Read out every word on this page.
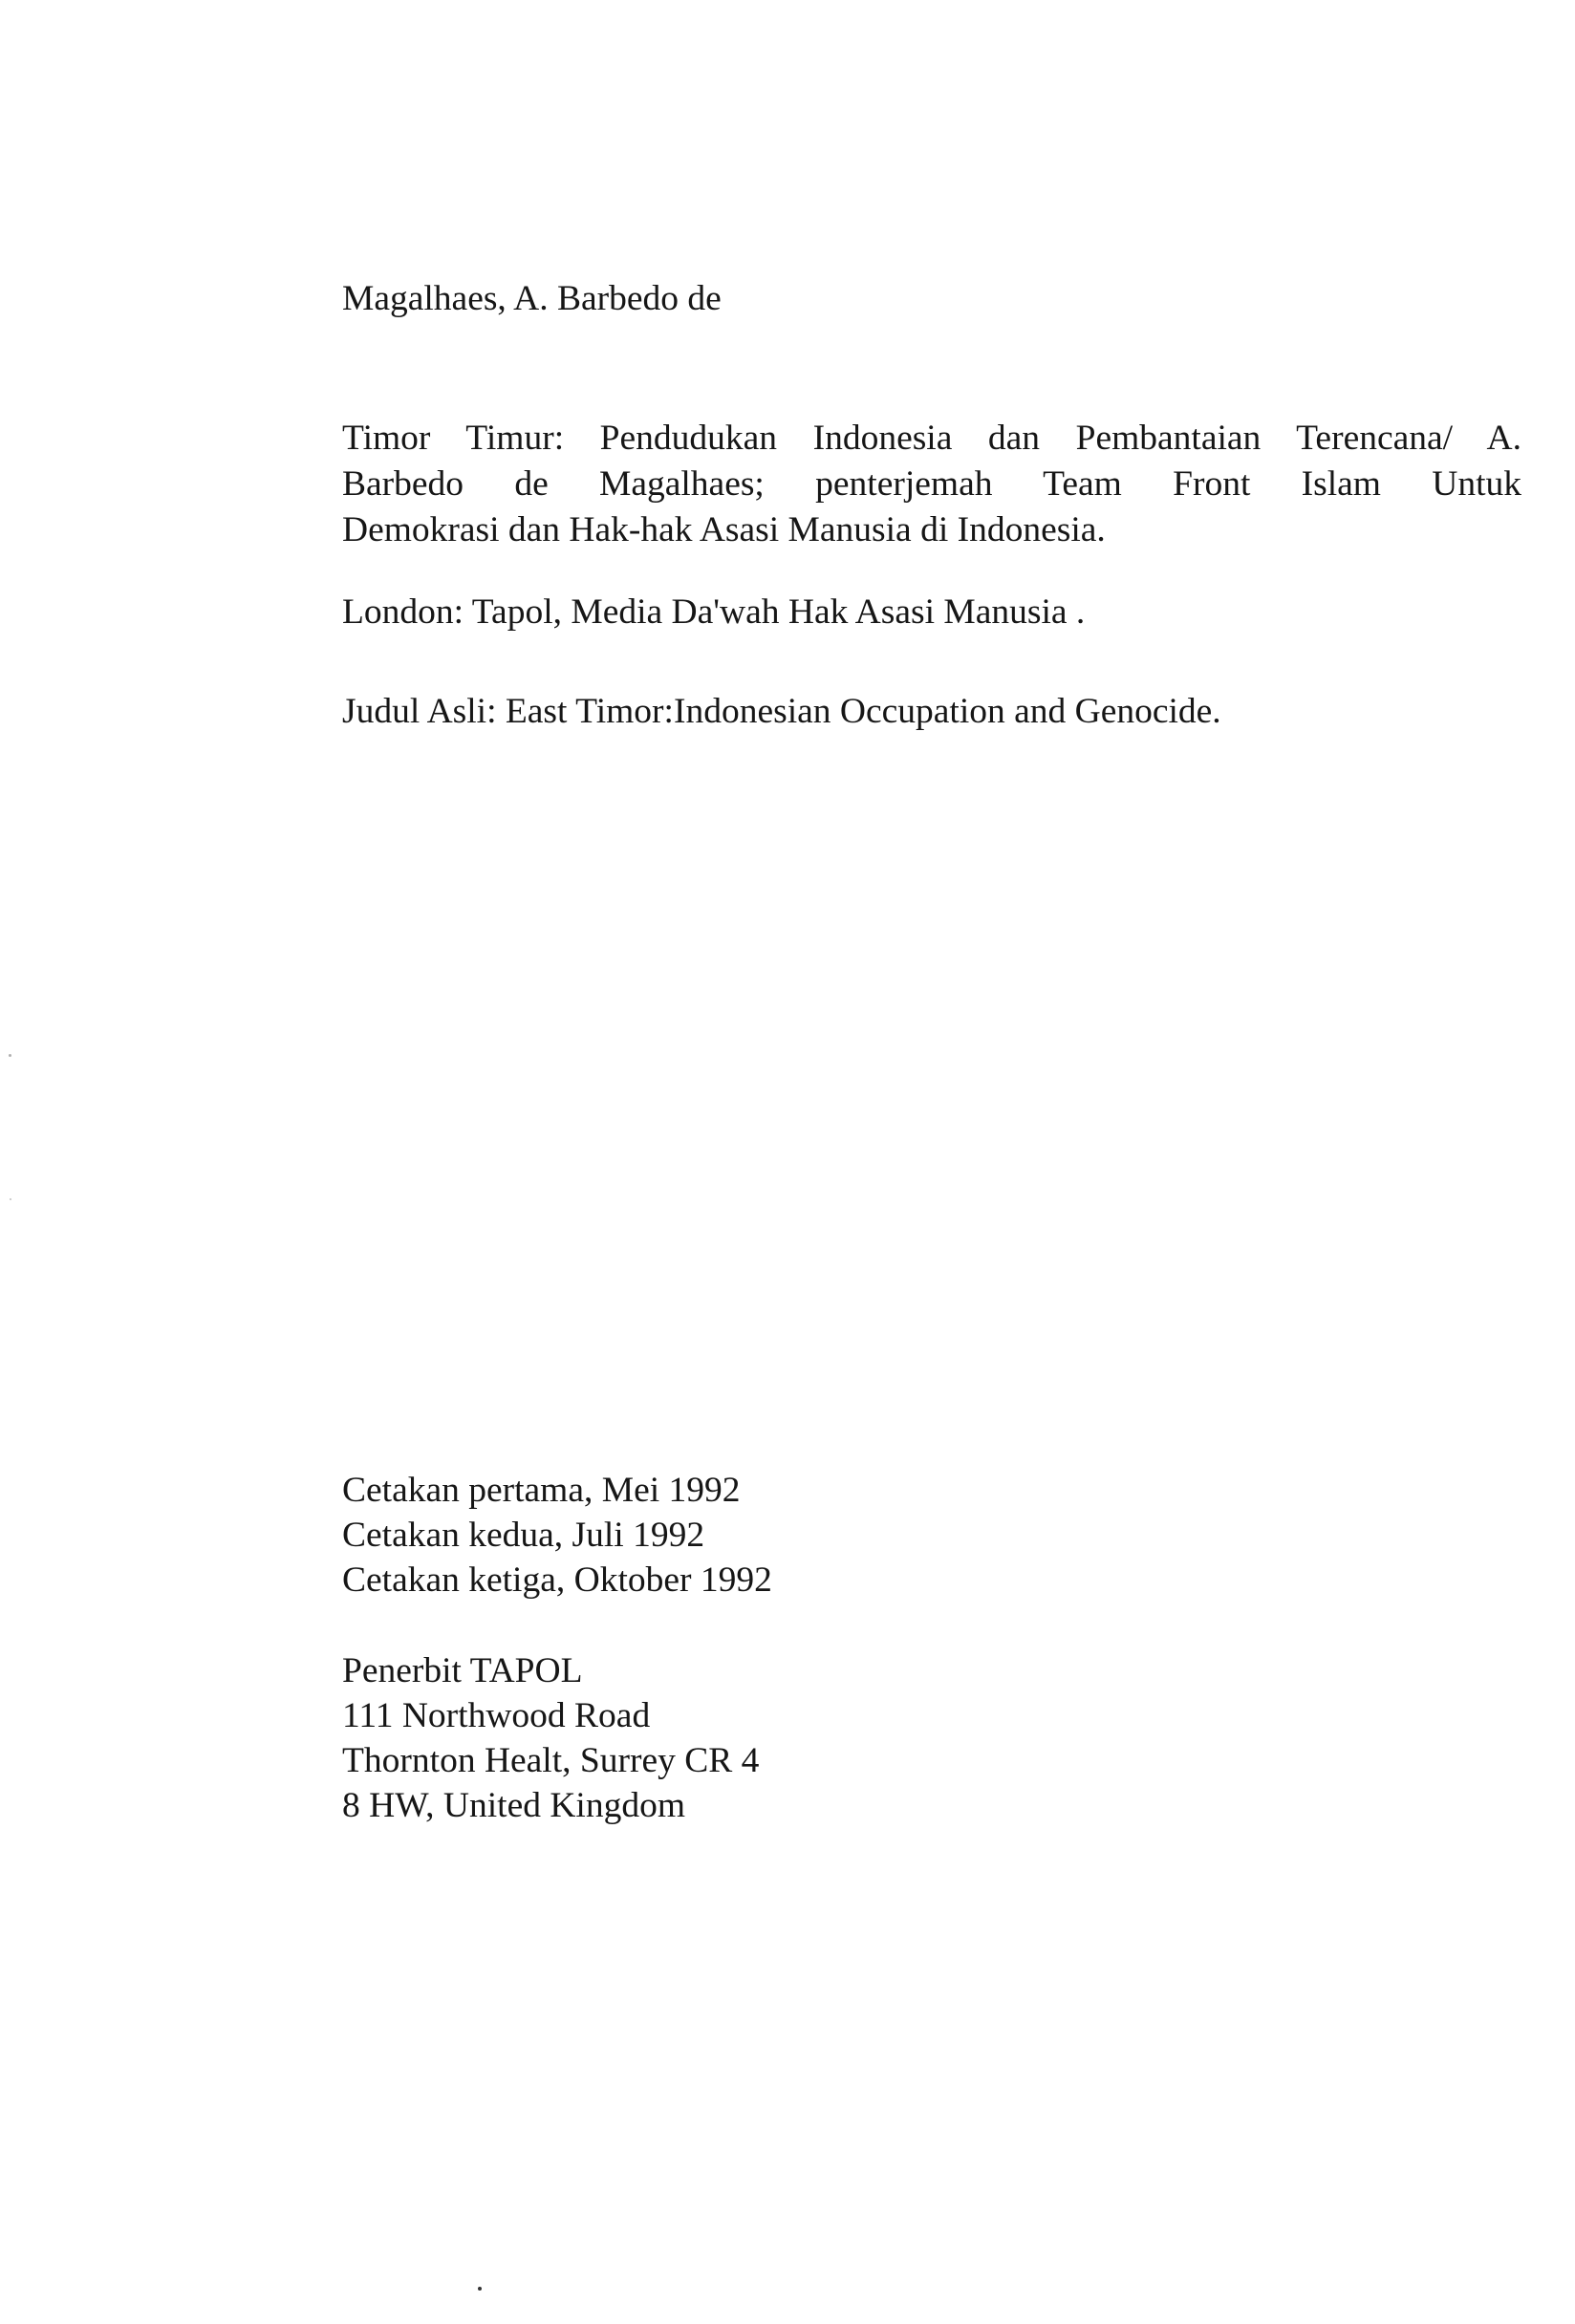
Magalhaes, A. Barbedo de
Timor Timur: Pendudukan Indonesia dan Pembantaian Terencana/ A.
Barbedo de Magalhaes; penterjemah Team Front Islam Untuk
Demokrasi dan Hak-hak Asasi Manusia di Indonesia.
London: Tapol, Media Da'wah Hak Asasi Manusia .
Judul Asli: East Timor:Indonesian Occupation and Genocide.
Cetakan pertama, Mei 1992
Cetakan kedua, Juli 1992
Cetakan ketiga, Oktober 1992
Penerbit TAPOL
111 Northwood Road
Thornton Healt, Surrey CR 4
8 HW, United Kingdom
